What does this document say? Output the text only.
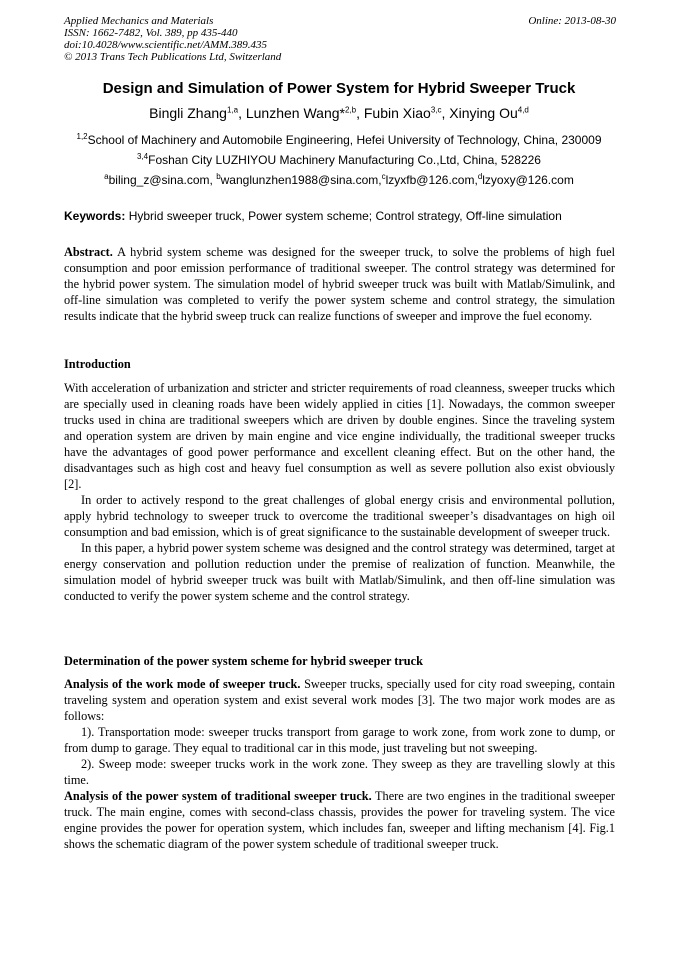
Applied Mechanics and Materials
ISSN: 1662-7482, Vol. 389, pp 435-440
doi:10.4028/www.scientific.net/AMM.389.435
© 2013 Trans Tech Publications Ltd, Switzerland
Online: 2013-08-30
Design and Simulation of Power System for Hybrid Sweeper Truck
Bingli Zhang$^{1,a}$, Lunzhen Wang*$^{2,b}$, Fubin Xiao$^{3,c}$, Xinying Ou$^{4,d}$
$^{1,2}$School of Machinery and Automobile Engineering, Hefei University of Technology, China, 230009
$^{3,4}$Foshan City LUZHIYOU Machinery Manufacturing Co.,Ltd, China, 528226
$^a$biling_z@sina.com, $^b$wanglunzhen1988@sina.com,$^c$lzyxfb@126.com,$^d$lzyoxy@126.com
Keywords: Hybrid sweeper truck, Power system scheme; Control strategy, Off-line simulation

Abstract. A hybrid system scheme was designed for the sweeper truck, to solve the problems of high fuel consumption and poor emission performance of traditional sweeper. The control strategy was determined for the hybrid power system. The simulation model of hybrid sweeper truck was built with Matlab/Simulink, and off-line simulation was completed to verify the power system scheme and control strategy, the simulation results indicate that the hybrid sweep truck can realize functions of sweeper and improve the fuel economy.

Introduction

With acceleration of urbanization and stricter and stricter requirements of road cleanness, sweeper trucks which are specially used in cleaning roads have been widely applied in cities [1]. Nowadays, the common sweeper trucks used in china are traditional sweepers which are driven by double engines. Since the traveling system and operation system are driven by main engine and vice engine individually, the traditional sweeper trucks have the advantages of good power performance and excellent cleaning effect. But on the other hand, the disadvantages such as high cost and heavy fuel consumption as well as severe pollution also exist obviously [2].

In order to actively respond to the great challenges of global energy crisis and environmental pollution, apply hybrid technology to sweeper truck to overcome the traditional sweeper’s disadvantages on high oil consumption and bad emission, which is of great significance to the sustainable development of sweeper truck.

In this paper, a hybrid power system scheme was designed and the control strategy was determined, target at energy conservation and pollution reduction under the premise of realization of function. Meanwhile, the simulation model of hybrid sweeper truck was built with Matlab/Simulink, and then off-line simulation was conducted to verify the power system scheme and the control strategy.

Determination of the power system scheme for hybrid sweeper truck

Analysis of the work mode of sweeper truck. Sweeper trucks, specially used for city road sweeping, contain traveling system and operation system and exist several work modes [3]. The two major work modes are as follows:

1). Transportation mode: sweeper trucks transport from garage to work zone, from work zone to dump, or from dump to garage. They equal to traditional car in this mode, just traveling but not sweeping.

2). Sweep mode: sweeper trucks work in the work zone. They sweep as they are travelling slowly at this time.

Analysis of the power system of traditional sweeper truck. There are two engines in the traditional sweeper truck. The main engine, comes with second-class chassis, provides the power for traveling system. The vice engine provides the power for operation system, which includes fan, sweeper and lifting mechanism [4]. Fig.1 shows the schematic diagram of the power system schedule of traditional sweeper truck.
